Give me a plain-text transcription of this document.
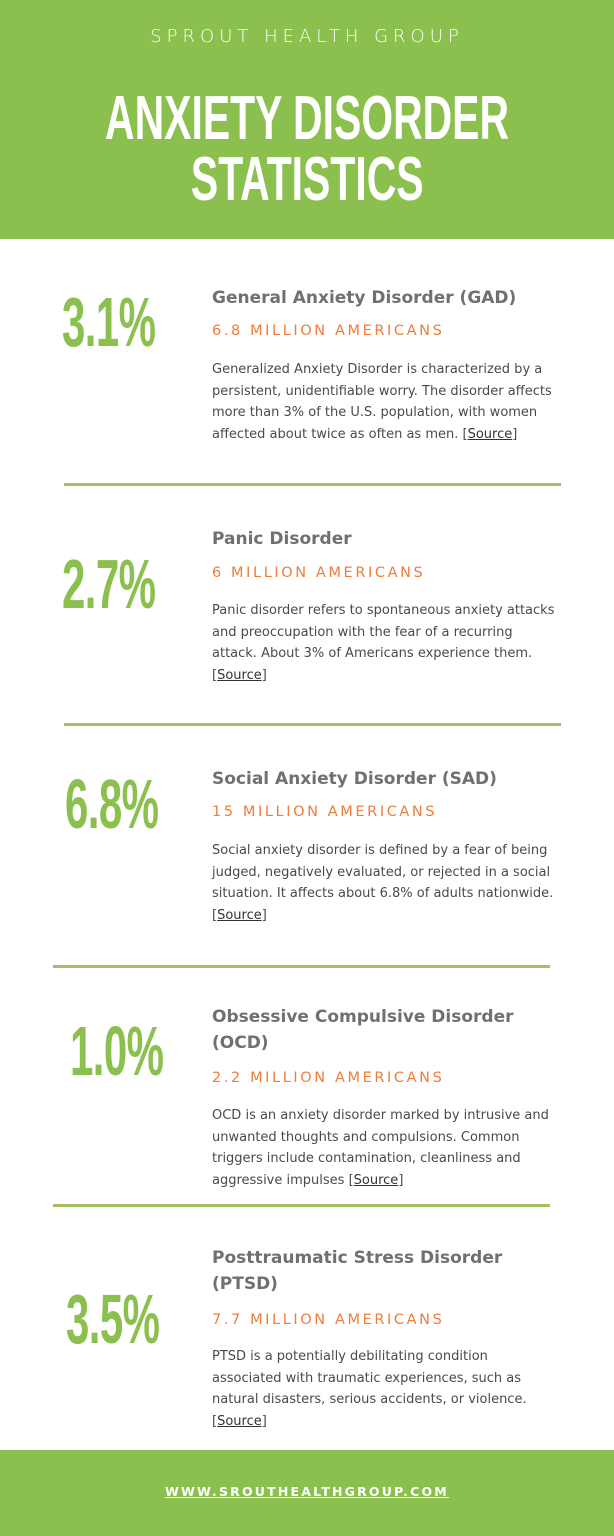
SPROUT HEALTH GROUP
ANXIETY DISORDER
STATISTICS
3.1%	General Anxiety Disorder (GAD)
6.8 MILLION AMERICANS
Generalized Anxiety Disorder is characterized by a persistent, unidentifiable worry. The disorder affects more than 3% of the U.S. population, with women affected about twice as often as men. [Source]
2.7%
Panic Disorder
6 MILLION AMERICANS
Panic disorder refers to spontaneous anxiety attacks and preoccupation with the fear of a recurring attack. About 3% of Americans experience them. [Source]
6.8%	Social Anxiety Disorder (SAD)
15 MILLION AMERICANS
Social anxiety disorder is defined by a fear of being judged, negatively evaluated, or rejected in a social situation. It affects about 6.8% of adults nationwide. [Source]
1.0%	Obsessive Compulsive Disorder (OCD)
2.2 MILLION AMERICANS
OCD is an anxiety disorder marked by intrusive and unwanted thoughts and compulsions. Common triggers include contamination, cleanliness and aggressive impulses [Source]
3.5%
Posttraumatic Stress Disorder (PTSD)
7.7 MILLION AMERICANS
PTSD is a potentially debilitating condition associated with traumatic experiences, such as natural disasters, serious accidents, or violence. [Source]
WWW.SROUTHEALTHGROUP.COM
